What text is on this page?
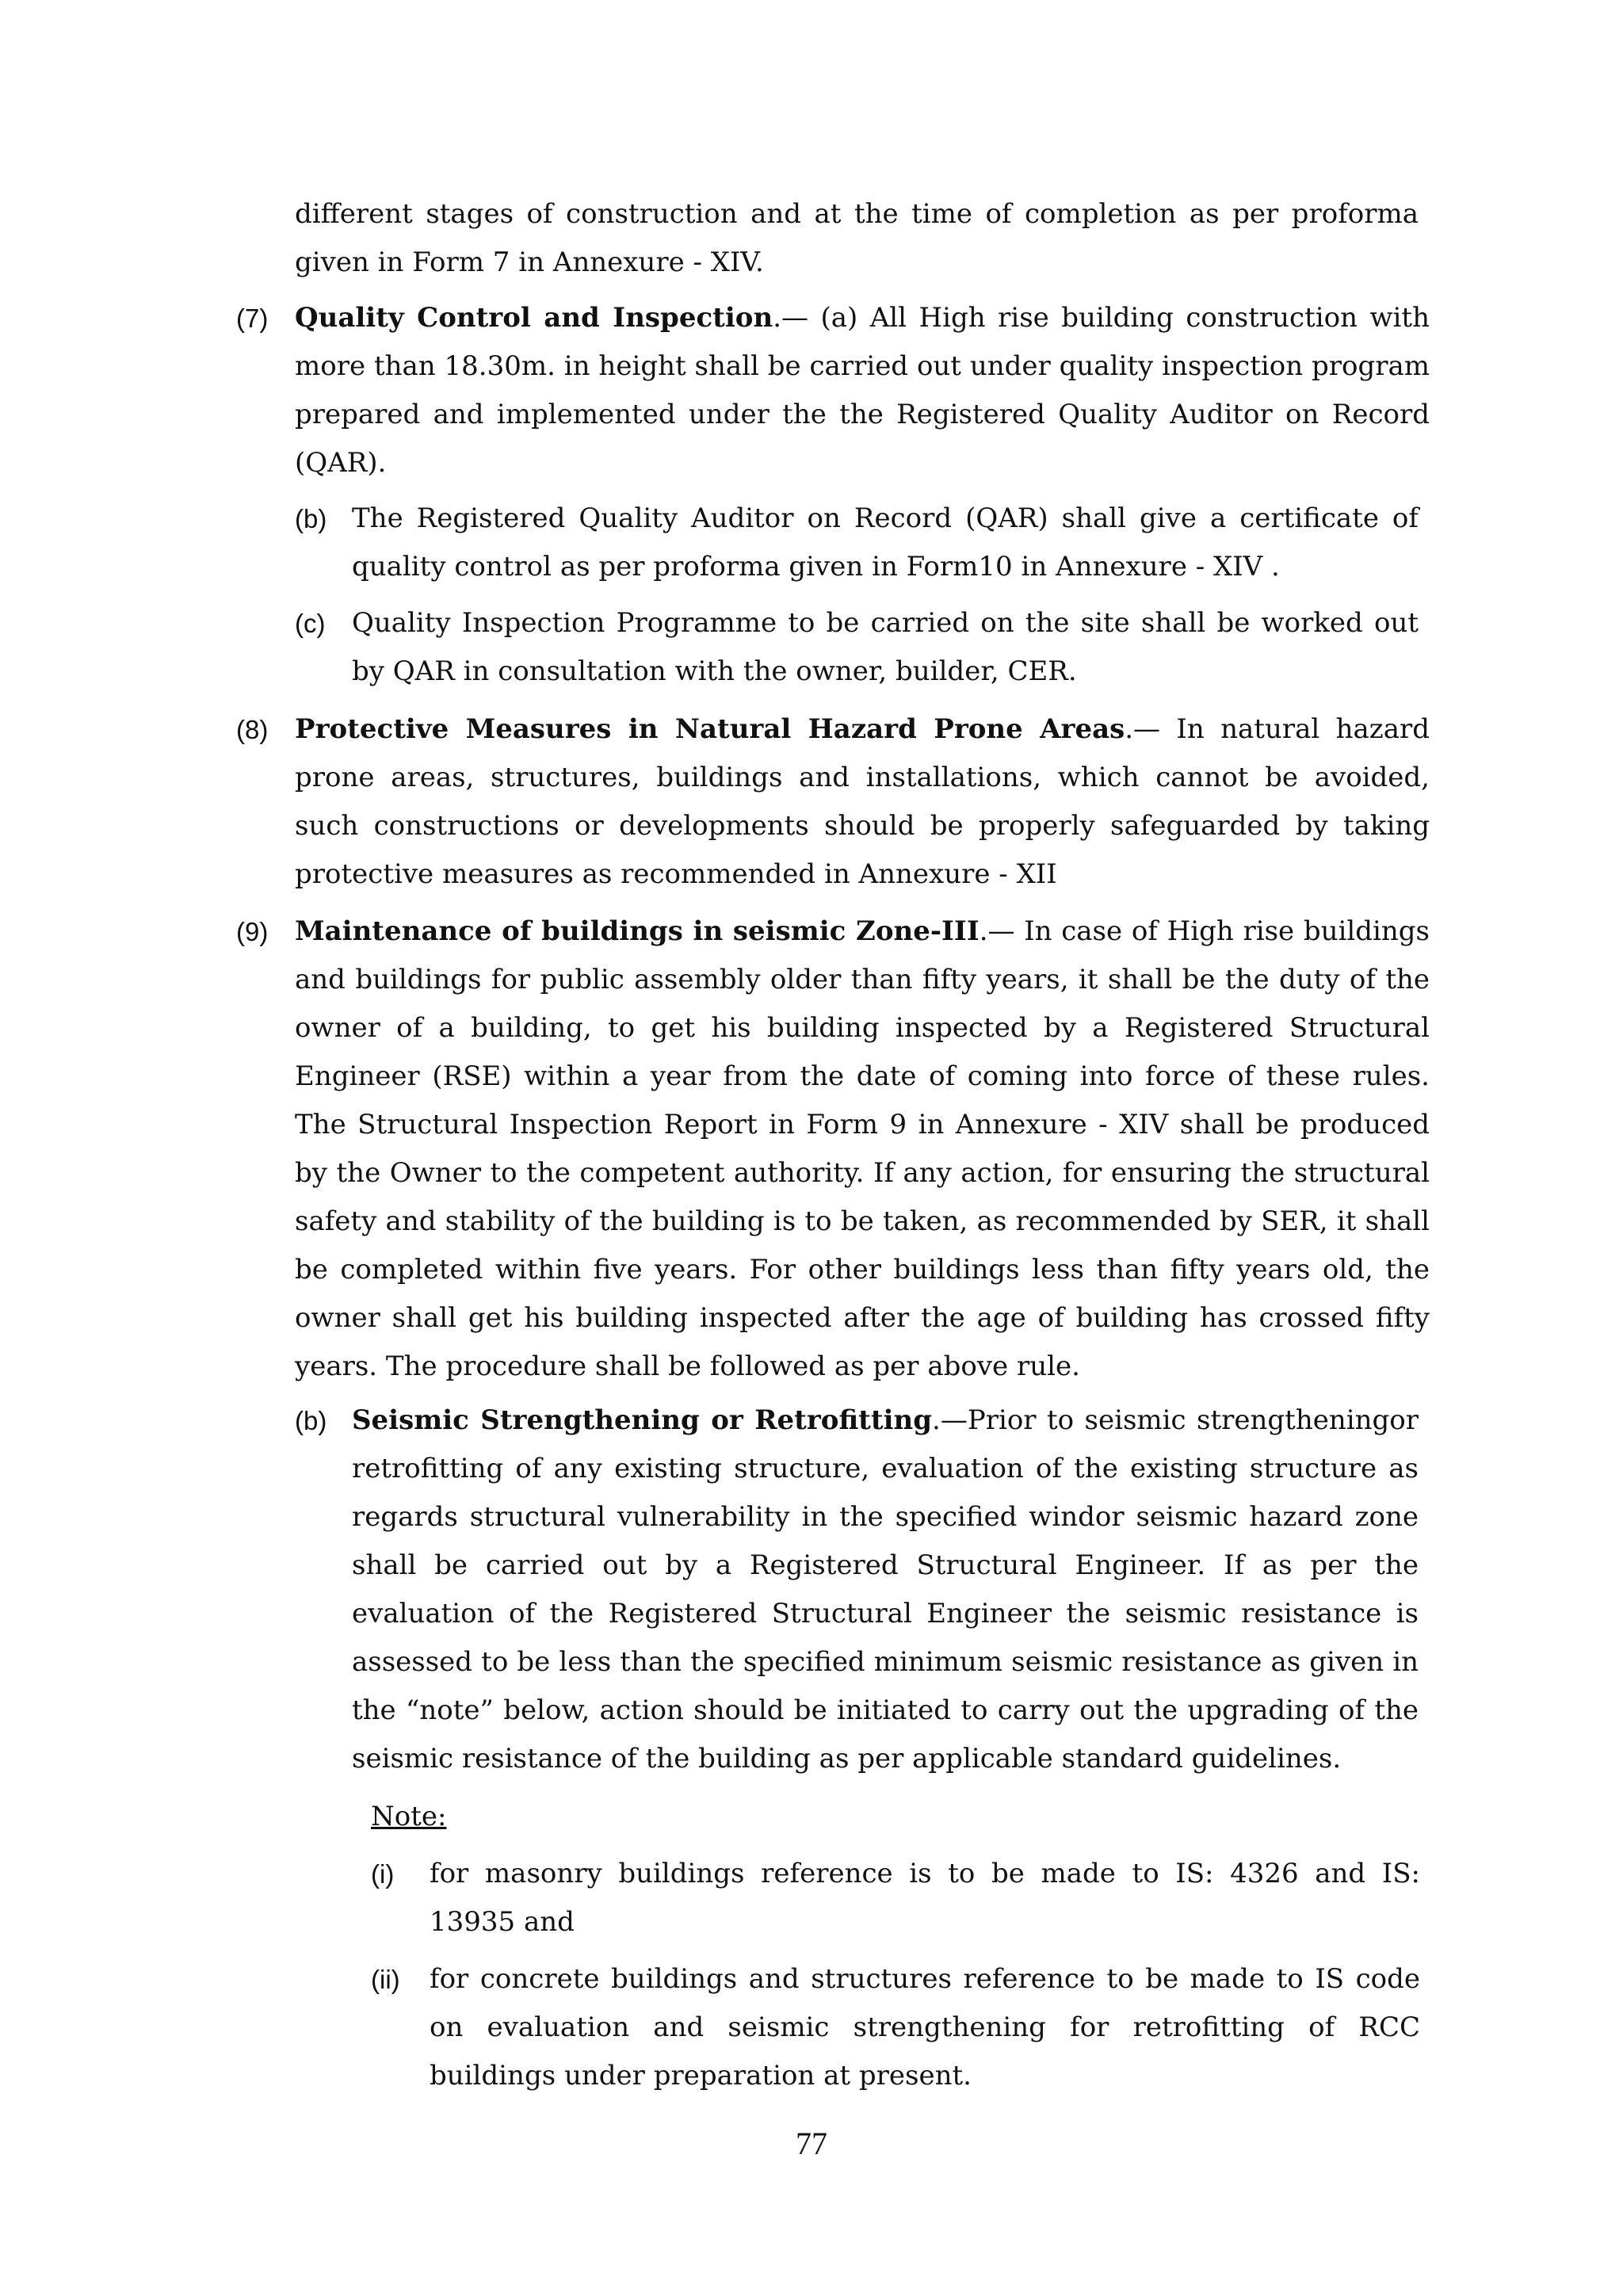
different stages of construction and at the time of completion as per proforma given in Form 7 in Annexure - XIV.

(7) Quality Control and Inspection.— (a) All High rise building construction with more than 18.30m. in height shall be carried out under quality inspection program prepared and implemented under the the Registered Quality Auditor on Record (QAR).

(b) The Registered Quality Auditor on Record (QAR) shall give a certificate of quality control as per proforma given in Form10 in Annexure - XIV .

(c) Quality Inspection Programme to be carried on the site shall be worked out by QAR in consultation with the owner, builder, CER.

(8) Protective Measures in Natural Hazard Prone Areas.— In natural hazard prone areas, structures, buildings and installations, which cannot be avoided, such constructions or developments should be properly safeguarded by taking protective measures as recommended in Annexure - XII

(9) Maintenance of buildings in seismic Zone-III.— In case of High rise buildings and buildings for public assembly older than fifty years, it shall be the duty of the owner of a building, to get his building inspected by a Registered Structural Engineer (RSE) within a year from the date of coming into force of these rules. The Structural Inspection Report in Form 9 in Annexure - XIV shall be produced by the Owner to the competent authority. If any action, for ensuring the structural safety and stability of the building is to be taken, as recommended by SER, it shall be completed within five years. For other buildings less than fifty years old, the owner shall get his building inspected after the age of building has crossed fifty years. The procedure shall be followed as per above rule.

(b) Seismic Strengthening or Retrofitting.—Prior to seismic strengtheningor retrofitting of any existing structure, evaluation of the existing structure as regards structural vulnerability in the specified windor seismic hazard zone shall be carried out by a Registered Structural Engineer. If as per the evaluation of the Registered Structural Engineer the seismic resistance is assessed to be less than the specified minimum seismic resistance as given in the “note” below, action should be initiated to carry out the upgrading of the seismic resistance of the building as per applicable standard guidelines.

Note:

(i) for masonry buildings reference is to be made to IS: 4326 and IS: 13935 and

(ii) for concrete buildings and structures reference to be made to IS code on evaluation and seismic strengthening for retrofitting of RCC buildings under preparation at present.

77
